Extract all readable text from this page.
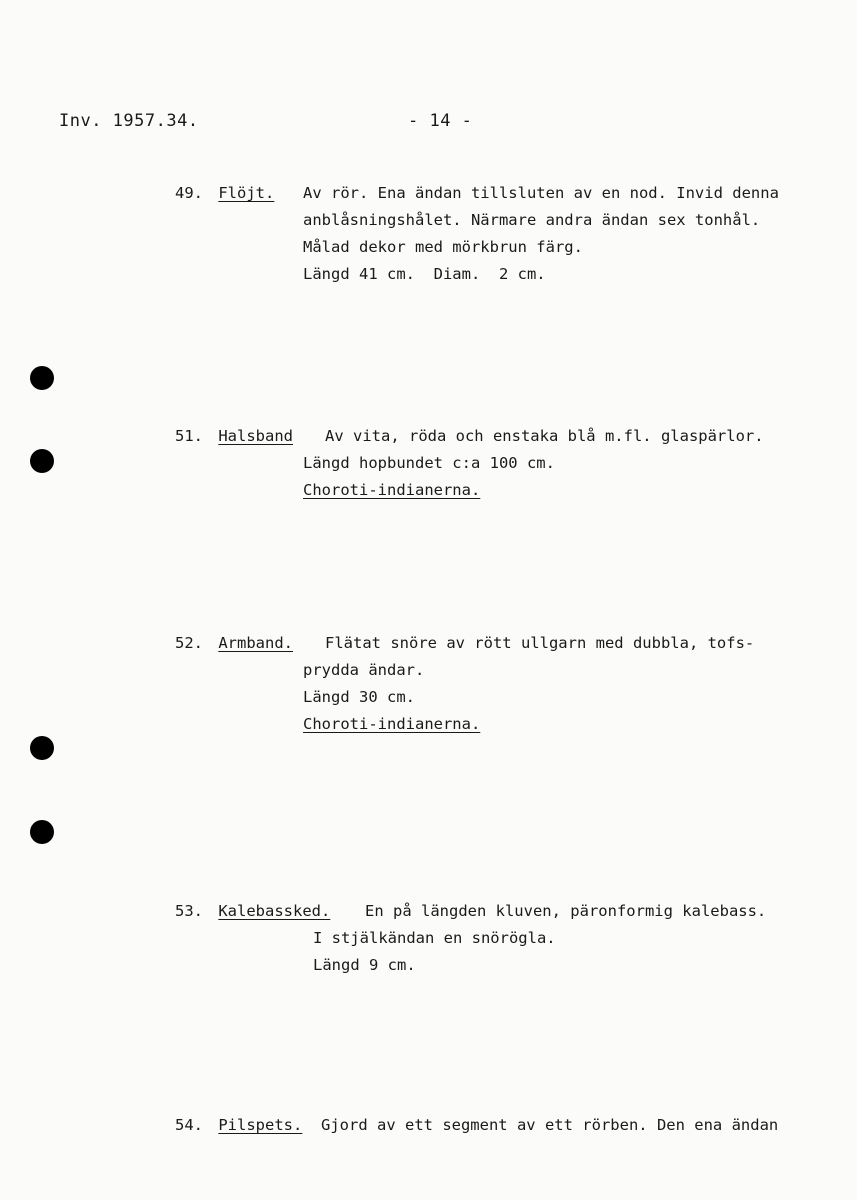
Inv. 1957.34.	- 14 -
49. Flöjt. Av rör. Ena ändan tillsluten av en nod. Invid denna
anblåsningshålet. Närmare andra ändan sex tonhål.
Målad dekor med mörkbrun färg.
Längd 41 cm.  Diam.  2 cm.
51. Halsband Av vita, röda och enstaka blå m.fl. glaspärlor.
Längd hopbundet c:a 100 cm.
Choroti-indianerna.
52. Armband. Flätat snöre av rött ullgarn med dubbla, tofs-
prydda ändar.
Längd 30 cm.
Choroti-indianerna.
53. Kalebassked. En på längden kluven, päronformig kalebass.
I stjälkändan en snörögla.
Längd 9 cm.
54. Pilspets. Gjord av ett segment av ett rörben. Den ena ändan
